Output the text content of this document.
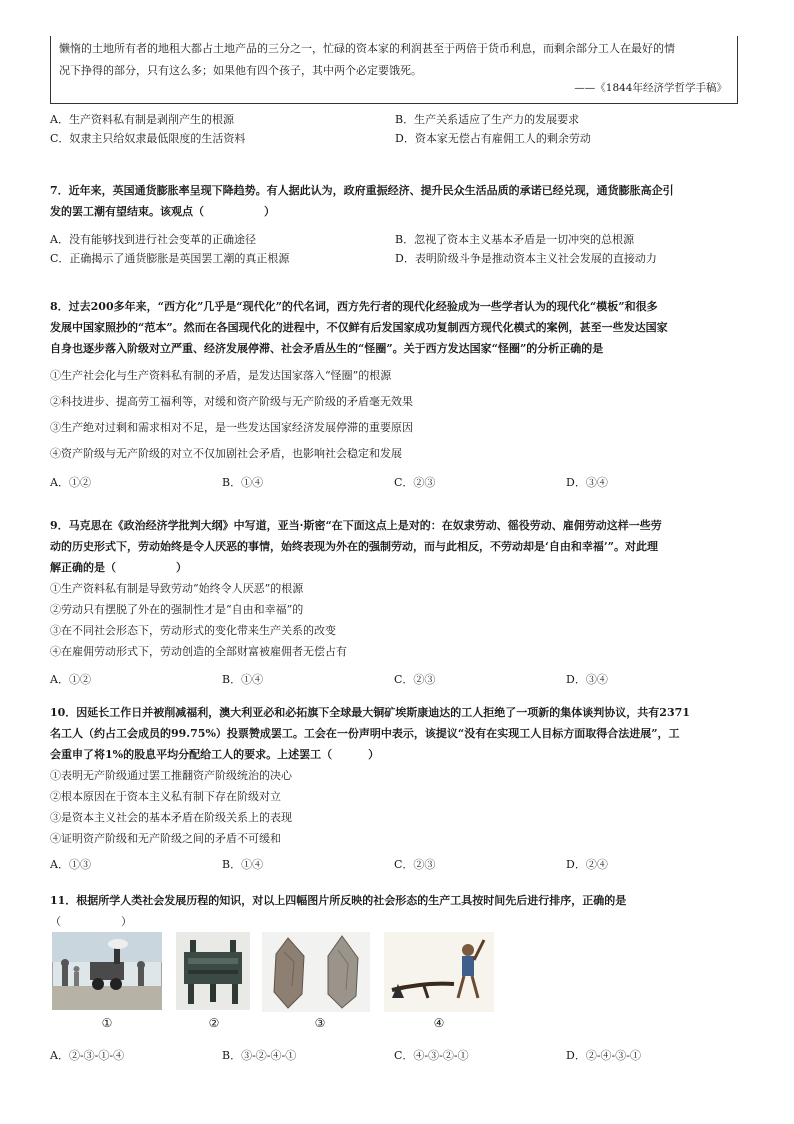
懒惰的土地所有者的地租大都占土地产品的三分之一，忙碌的资本家的利润甚至于两倍于货币利息，而剩余部分工人在最好的情

况下挣得的部分，只有这么多；如果他有四个孩子，其中两个必定要饿死。

——《1844年经济学哲学手稿》
A．生产资料私有制是剥削产生的根源	B．生产关系适应了生产力的发展要求
C．奴隶主只给奴隶最低限度的生活资料	D．资本家无偿占有雇佣工人的剩余劳动

7．近年来，英国通货膨胀率呈现下降趋势。有人据此认为，政府重振经济、提升民众生活品质的承诺已经兑现，通货膨胀高企引

发的罢工潮有望结束。该观点（	）

A．没有能够找到进行社会变革的正确途径	B．忽视了资本主义基本矛盾是一切冲突的总根源
C．正确揭示了通货膨胀是英国罢工潮的真正根源	D．表明阶级斗争是推动资本主义社会发展的直接动力

8．过去200多年来，“西方化”几乎是“现代化”的代名词，西方先行者的现代化经验成为一些学者认为的现代化“模板”和很多

发展中国家照抄的“范本”。然而在各国现代化的进程中，不仅鲜有后发国家成功复制西方现代化模式的案例，甚至一些发达国家

自身也逐步落入阶级对立严重、经济发展停滞、社会矛盾丛生的“怪圈”。关于西方发达国家“怪圈”的分析正确的是

①生产社会化与生产资料私有制的矛盾，是发达国家落入“怪圈”的根源

②科技进步、提高劳工福利等，对缓和资产阶级与无产阶级的矛盾毫无效果

③生产绝对过剩和需求相对不足，是一些发达国家经济发展停滞的重要原因

④资产阶级与无产阶级的对立不仅加剧社会矛盾，也影响社会稳定和发展

A．①②	B．①④	C．②③	D．③④

9．马克思在《政治经济学批判大纲》中写道，亚当·斯密“在下面这点上是对的：在奴隶劳动、徭役劳动、雇佣劳动这样一些劳

动的历史形式下，劳动始终是令人厌恶的事情，始终表现为外在的强制劳动，而与此相反，不劳动却是‘自由和幸福’”。对此理

解正确的是（	）

①生产资料私有制是导致劳动“始终令人厌恶”的根源

②劳动只有摆脱了外在的强制性才是“自由和幸福”的

③在不同社会形态下，劳动形式的变化带来生产关系的改变

④在雇佣劳动形式下，劳动创造的全部财富被雇佣者无偿占有

A．①②	B．①④	C．②③	D．③④

10．因延长工作日并被削减福利，澳大利亚必和必拓旗下全球最大铜矿埃斯康迪达的工人拒绝了一项新的集体谈判协议，共有2371

名工人（约占工会成员的99.75%）投票赞成罢工。工会在一份声明中表示，该提议“没有在实现工人目标方面取得合法进展”，工

会重申了将1%的股息平均分配给工人的要求。上述罢工（	）

①表明无产阶级通过罢工推翻资产阶级统治的决心

②根本原因在于资本主义私有制下存在阶级对立

③是资本主义社会的基本矛盾在阶级关系上的表现

④证明资产阶级和无产阶级之间的矛盾不可缓和

A．①③	B．①④	C．②③	D．②④

11．根据所学人类社会发展历程的知识，对以上四幅图片所反映的社会形态的生产工具按时间先后进行排序，正确的是

（	）

①	②	③	④
A．②-③-①-④	B．③-②-④-①	C．④-③-②-①	D．②-④-③-①
